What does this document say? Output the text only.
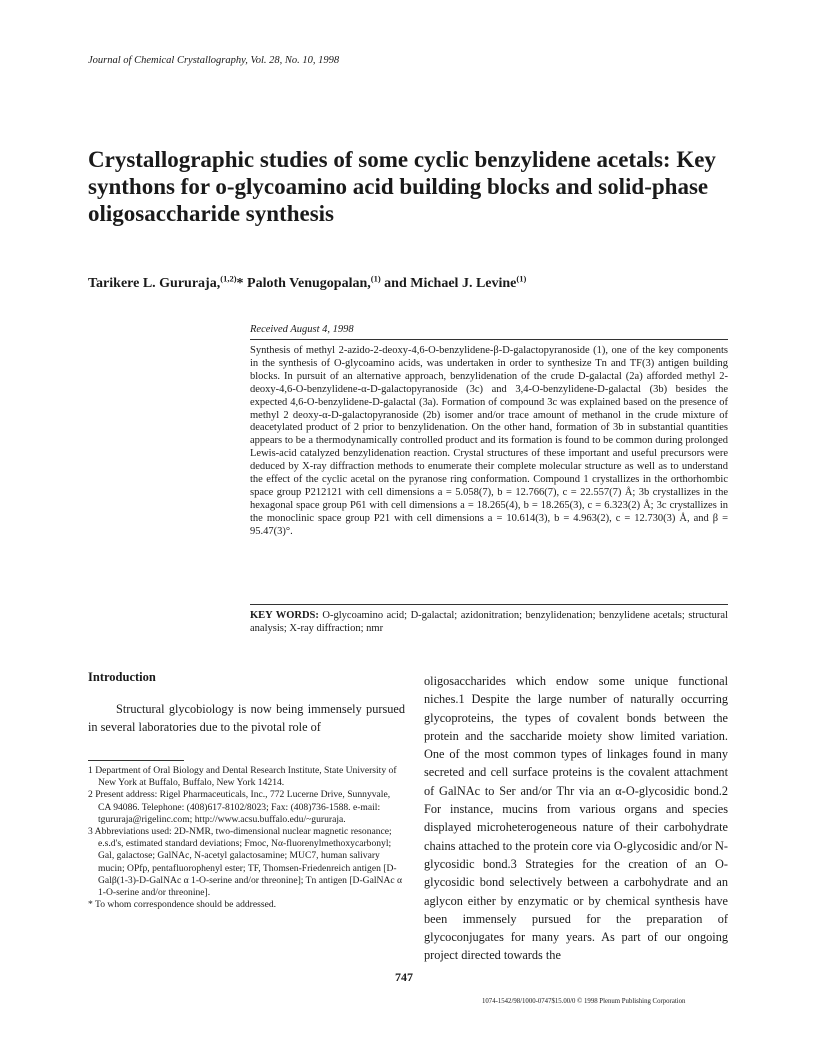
Journal of Chemical Crystallography, Vol. 28, No. 10, 1998
Crystallographic studies of some cyclic benzylidene acetals: Key synthons for o-glycoamino acid building blocks and solid-phase oligosaccharide synthesis
Tarikere L. Gururaja,$^{(1,2)}$* Paloth Venugopalan,$^{(1)}$ and Michael J. Levine$^{(1)}$
Received August 4, 1998
Synthesis of methyl 2-azido-2-deoxy-4,6-O-benzylidene-β-D-galactopyranoside (1), one of the key components in the synthesis of O-glycoamino acids, was undertaken in order to synthesize Tn and TF(3) antigen building blocks. In pursuit of an alternative approach, benzylidenation of the crude D-galactal (2a) afforded methyl 2-deoxy-4,6-O-benzylidene-α-D-galactopyranoside (3c) and 3,4-O-benzylidene-D-galactal (3b) besides the expected 4,6-O-benzylidene-D-galactal (3a). Formation of compound 3c was explained based on the presence of methyl 2 deoxy-α-D-galactopyranoside (2b) isomer and/or trace amount of methanol in the crude mixture of deacetylated product of 2 prior to benzylidenation. On the other hand, formation of 3b in substantial quantities appears to be a thermodynamically controlled product and its formation is found to be common during prolonged Lewis-acid catalyzed benzylidenation reaction. Crystal structures of these important and useful precursors were deduced by X-ray diffraction methods to enumerate their complete molecular structure as well as to understand the effect of the cyclic acetal on the pyranose ring conformation. Compound 1 crystallizes in the orthorhombic space group P212121 with cell dimensions a = 5.058(7), b = 12.766(7), c = 22.557(7) Å; 3b crystallizes in the hexagonal space group P61 with cell dimensions a = 18.265(4), b = 18.265(3), c = 6.323(2) Å; 3c crystallizes in the monoclinic space group P21 with cell dimensions a = 10.614(3), b = 4.963(2), c = 12.730(3) Å, and β = 95.47(3)°.
KEY WORDS: O-glycoamino acid; D-galactal; azidonitration; benzylidenation; benzylidene acetals; structural analysis; X-ray diffraction; nmr
Introduction
Structural glycobiology is now being immensely pursued in several laboratories due to the pivotal role of

1 Department of Oral Biology and Dental Research Institute, State University of New York at Buffalo, Buffalo, New York 14214.

2 Present address: Rigel Pharmaceuticals, Inc., 772 Lucerne Drive, Sunnyvale, CA 94086. Telephone: (408)617-8102/8023; Fax: (408)736-1588. e-mail: tgururaja@rigelinc.com; http://www.acsu.buffalo.edu/~gururaja.

3 Abbreviations used: 2D-NMR, two-dimensional nuclear magnetic resonance; e.s.d's, estimated standard deviations; Fmoc, Nα-fluorenylmethoxycarbonyl; Gal, galactose; GalNAc, N-acetyl galactosamine; MUC7, human salivary mucin; OPfp, pentafluorophenyl ester; TF, Thomsen-Friedenreich antigen [D-Galβ(1-3)-D-GalNAc α 1-O-serine and/or threonine]; Tn antigen [D-GalNAc α 1-O-serine and/or threonine].

* To whom correspondence should be addressed.

oligosaccharides which endow some unique functional niches.1 Despite the large number of naturally occurring glycoproteins, the types of covalent bonds between the protein and the saccharide moiety show limited variation. One of the most common types of linkages found in many secreted and cell surface proteins is the covalent attachment of GalNAc to Ser and/or Thr via an α-O-glycosidic bond.2 For instance, mucins from various organs and species displayed microheterogeneous nature of their carbohydrate chains attached to the protein core via O-glycosidic and/or N-glycosidic bond.3 Strategies for the creation of an O-glycosidic bond selectively between a carbohydrate and an aglycon either by enzymatic or by chemical synthesis have been immensely pursued for the preparation of glycoconjugates for many years. As part of our ongoing project directed towards the
747
1074-1542/98/1000-0747$15.00/0 © 1998 Plenum Publishing Corporation
